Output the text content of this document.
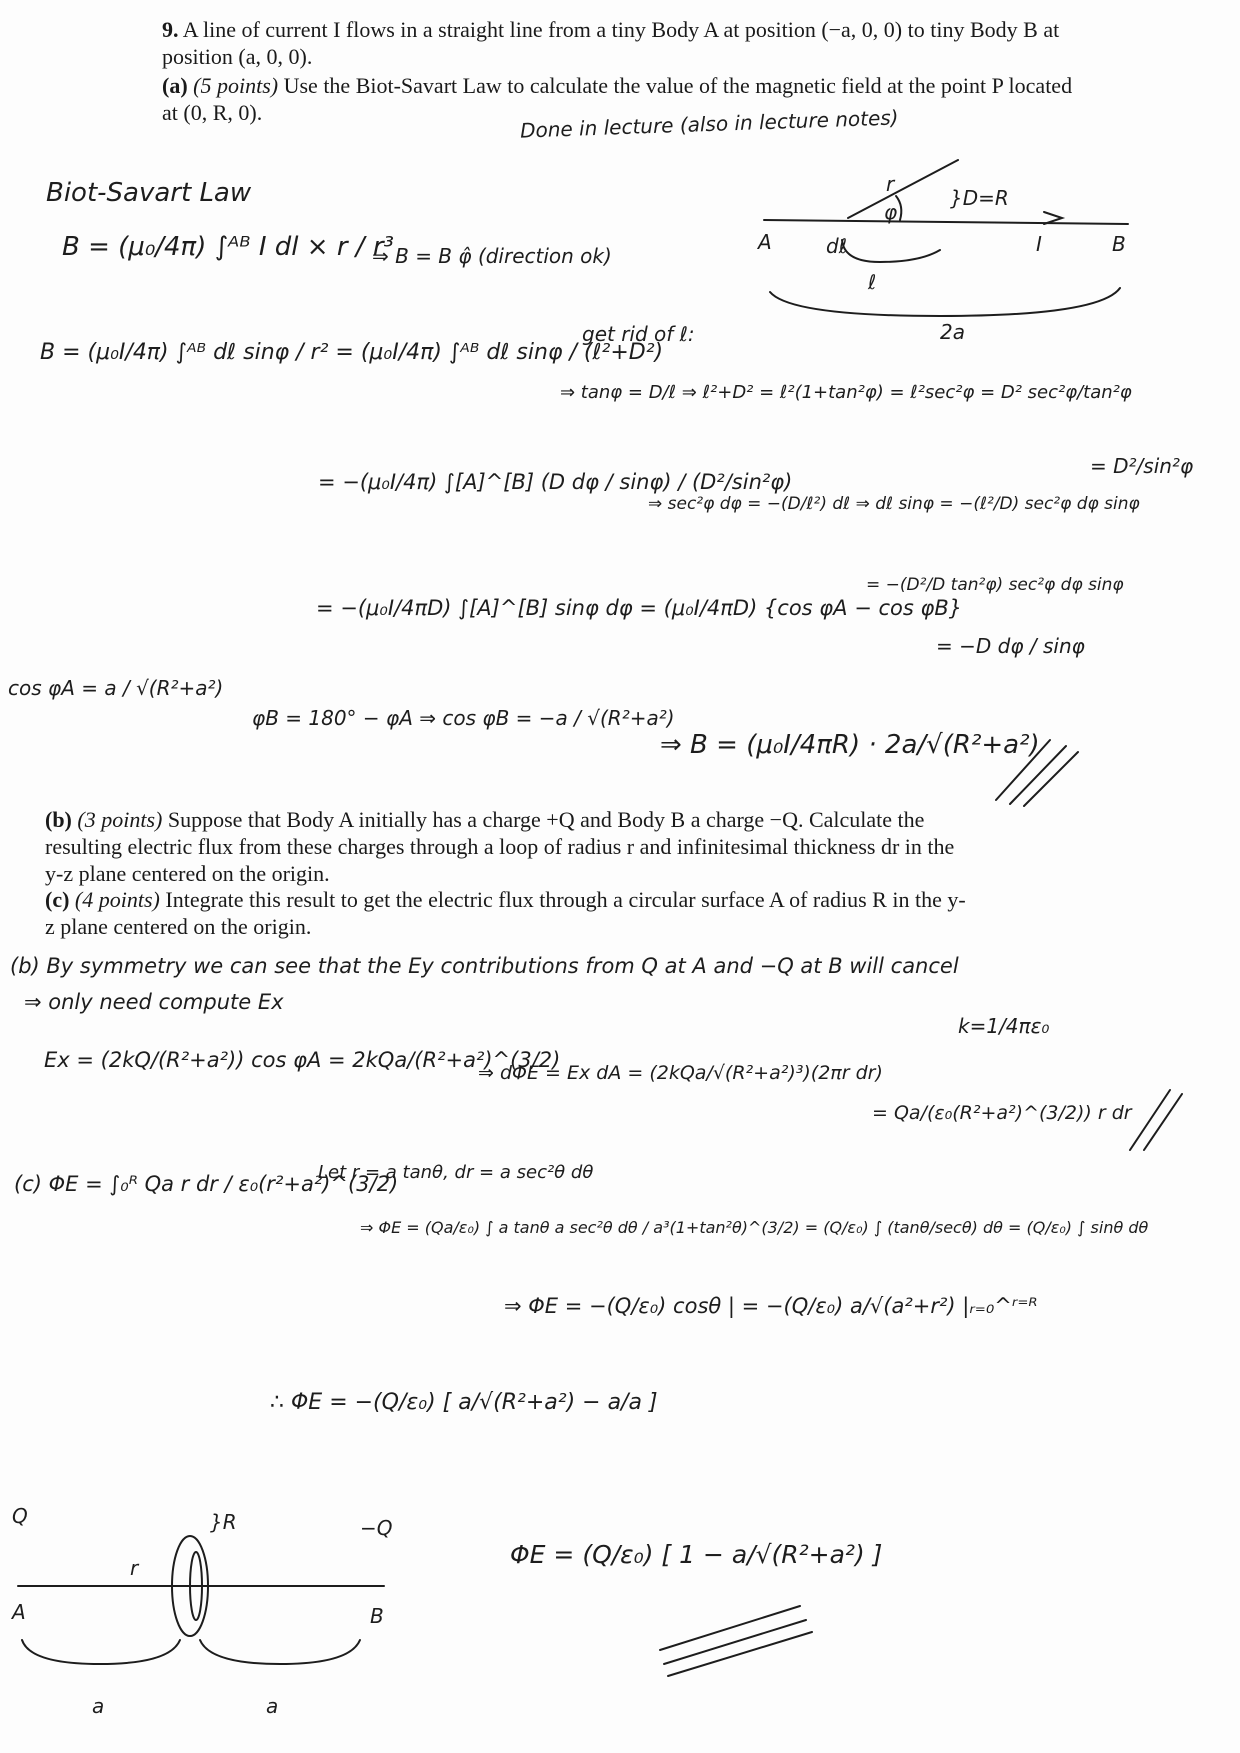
9. A line of current I flows in a straight line from a tiny Body A at position (−a, 0, 0) to tiny Body B at position (a, 0, 0).
(a) (5 points) Use the Biot-Savart Law to calculate the value of the magnetic field at the point P located at (0, R, 0).
(b) (3 points) Suppose that Body A initially has a charge +Q and Body B a charge −Q. Calculate the resulting electric flux from these charges through a loop of radius r and infinitesimal thickness dr in the y-z plane centered on the origin.
(c) (4 points) Integrate this result to get the electric flux through a circular surface A of radius R in the y-z plane centered on the origin.
Done in lecture (also in lecture notes)
Biot-Savart Law
B = (μ₀/4π) ∫ᴬᴮ I dl × r / r³
⇒ B = B φ̂ (direction ok)
B = (μ₀I/4π) ∫ᴬᴮ dℓ sinφ / r² = (μ₀I/4π) ∫ᴬᴮ dℓ sinφ / (ℓ²+D²)
get rid of ℓ:
⇒ tanφ = D/ℓ ⇒ ℓ²+D² = ℓ²(1+tan²φ) = ℓ²sec²φ = D² sec²φ/tan²φ
= D²/sin²φ
= −(μ₀I/4π) ∫[A]^[B] (D dφ / sinφ) / (D²/sin²φ)
⇒ sec²φ dφ = −(D/ℓ²) dℓ ⇒ dℓ sinφ = −(ℓ²/D) sec²φ dφ sinφ
= −(D²/D tan²φ) sec²φ dφ sinφ
= −D dφ / sinφ
= −(μ₀I/4πD) ∫[A]^[B] sinφ dφ = (μ₀I/4πD) {cos φA − cos φB}
cos φA = a / √(R²+a²)
φB = 180° − φA ⇒ cos φB = −a / √(R²+a²)
⇒ B = (μ₀I/4πR) · 2a/√(R²+a²)
A	B
r
φ
}D=R
ℓ
dℓ	I
2a
(b) By symmetry we can see that the Ey contributions from Q at A and −Q at B will cancel
⇒ only need compute Ex
Ex = (2kQ/(R²+a²)) cos φA = 2kQa/(R²+a²)^(3/2)
⇒ dΦE = Ex dA = (2kQa/√(R²+a²)³)(2πr dr)
k=1/4πε₀
= Qa/(ε₀(R²+a²)^(3/2)) r dr
(c) ΦE = ∫₀ᴿ Qa r dr / ε₀(r²+a²)^(3/2)
Let r = a tanθ, dr = a sec²θ dθ
⇒ ΦE = (Qa/ε₀) ∫ a tanθ a sec²θ dθ / a³(1+tan²θ)^(3/2) = (Q/ε₀) ∫ (tanθ/secθ) dθ = (Q/ε₀) ∫ sinθ dθ
⇒ ΦE = −(Q/ε₀) cosθ | = −(Q/ε₀) a/√(a²+r²) |ᵣ₌₀^ʳ⁼ᴿ
∴ ΦE = −(Q/ε₀) [ a/√(R²+a²) − a/a ]
ΦE = (Q/ε₀) [ 1 − a/√(R²+a²) ]
Q	−Q
A	B
r
}R
a	a
